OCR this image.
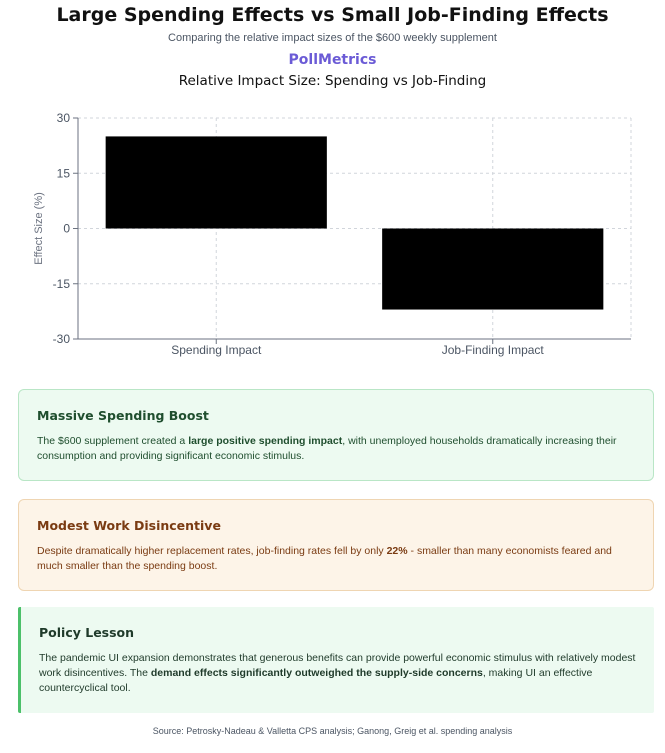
Large Spending Effects vs Small Job-Finding Effects
Comparing the relative impact sizes of the $600 weekly supplement
PollMetrics
Relative Impact Size: Spending vs Job-Finding
30
15
0
-15
-30
Spending Impact	Job-Finding Impact
Effect Size (%)
Massive Spending Boost

The $600 supplement created a large positive spending impact, with unemployed households dramatically increasing their consumption and providing significant economic stimulus.

Modest Work Disincentive

Despite dramatically higher replacement rates, job-finding rates fell by only 22% - smaller than many economists feared and much smaller than the spending boost.

Policy Lesson

The pandemic UI expansion demonstrates that generous benefits can provide powerful economic stimulus with relatively modest work disincentives. The demand effects significantly outweighed the supply-side concerns, making UI an effective countercyclical tool.

Source: Petrosky-Nadeau & Valletta CPS analysis; Ganong, Greig et al. spending analysis
